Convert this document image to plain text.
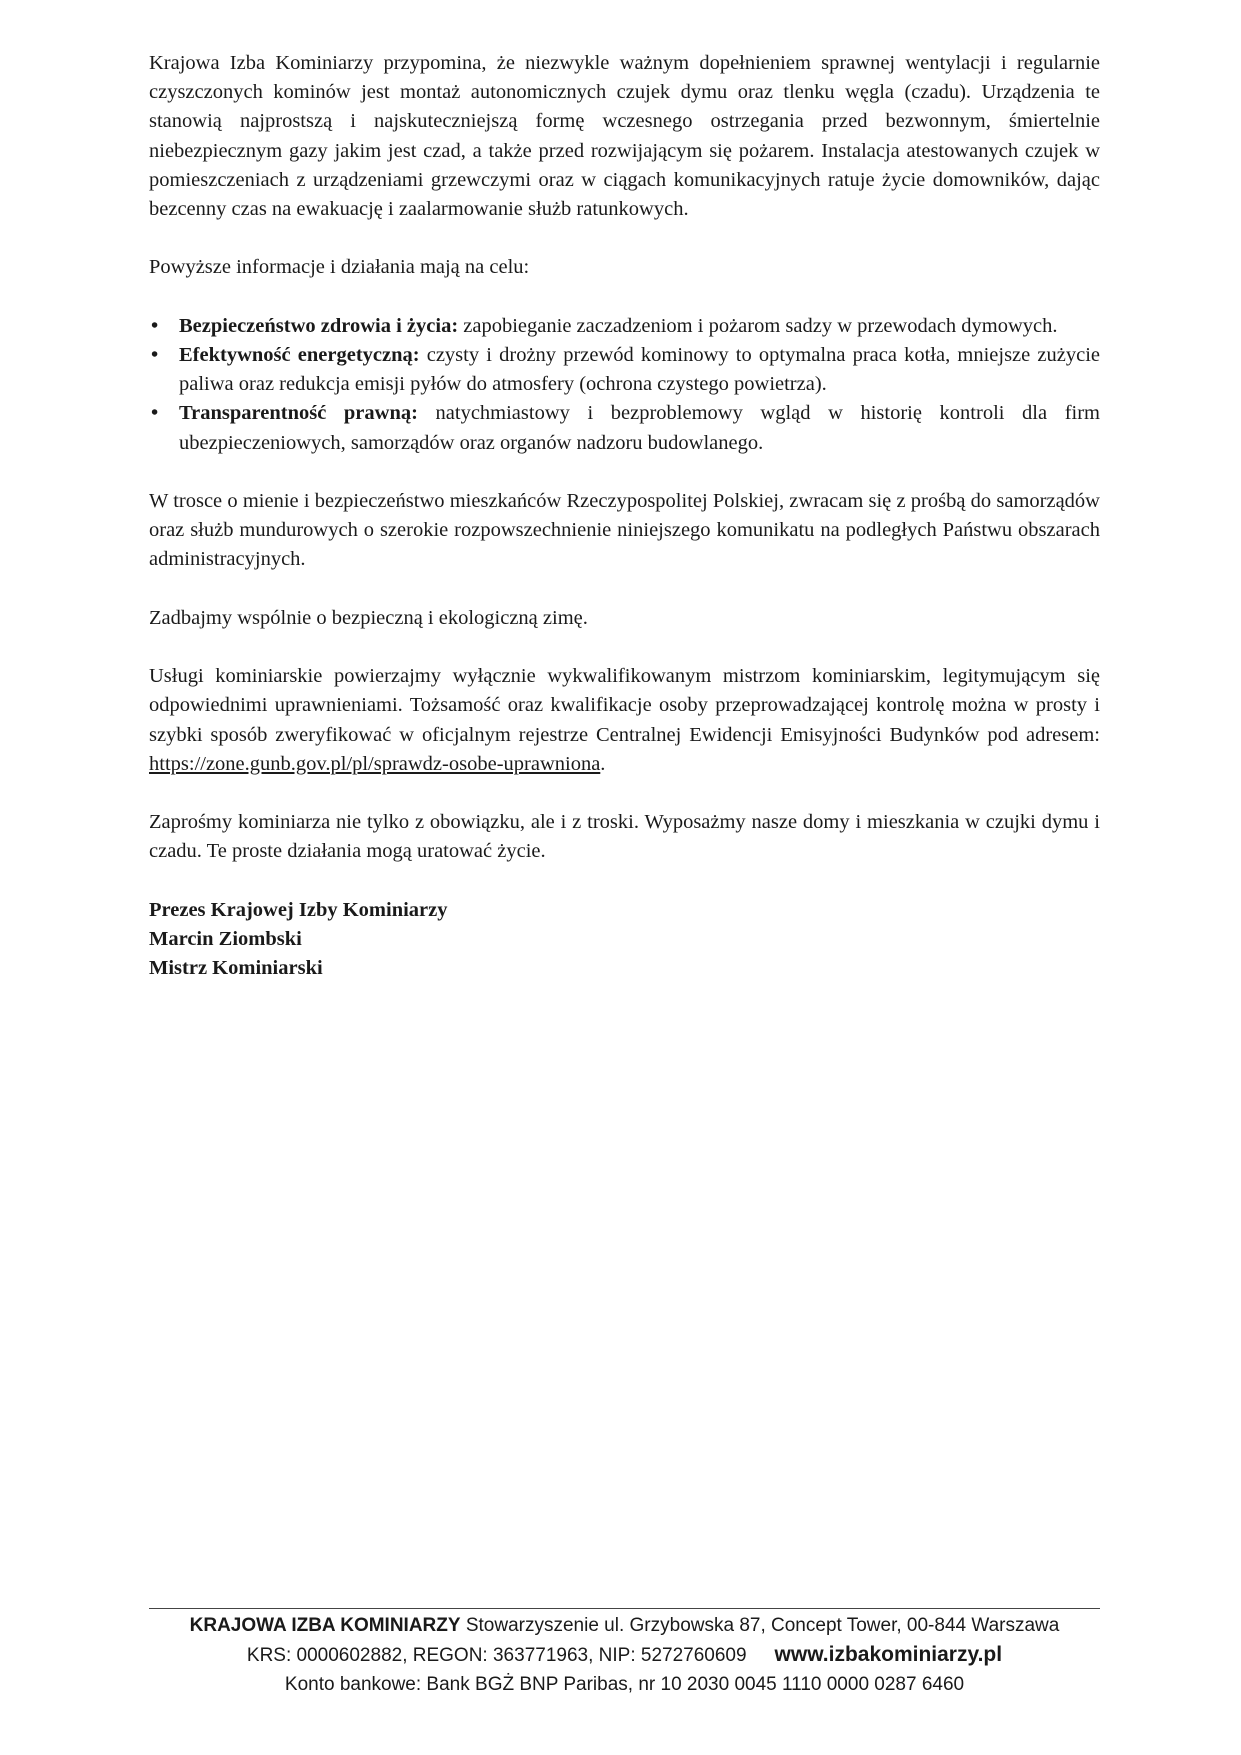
Krajowa Izba Kominiarzy przypomina, że niezwykle ważnym dopełnieniem sprawnej wentylacji i regularnie czyszczonych kominów jest montaż autonomicznych czujek dymu oraz tlenku węgla (czadu). Urządzenia te stanowią najprostszą i najskuteczniejszą formę wczesnego ostrzegania przed bezwonnym, śmiertelnie niebezpiecznym gazy jakim jest czad, a także przed rozwijającym się pożarem. Instalacja atestowanych czujek w pomieszczeniach z urządzeniami grzewczymi oraz w ciągach komunikacyjnych ratuje życie domowników, dając bezcenny czas na ewakuację i zaalarmowanie służb ratunkowych.

Powyższe informacje i działania mają na celu:

• Bezpieczeństwo zdrowia i życia: zapobieganie zaczadzeniom i pożarom sadzy w przewodach dymowych.
• Efektywność energetyczną: czysty i drożny przewód kominowy to optymalna praca kotła, mniejsze zużycie paliwa oraz redukcja emisji pyłów do atmosfery (ochrona czystego powietrza).
• Transparentność prawną: natychmiastowy i bezproblemowy wgląd w historię kontroli dla firm ubezpieczeniowych, samorządów oraz organów nadzoru budowlanego.

W trosce o mienie i bezpieczeństwo mieszkańców Rzeczypospolitej Polskiej, zwracam się z prośbą do samorządów oraz służb mundurowych o szerokie rozpowszechnienie niniejszego komunikatu na podległych Państwu obszarach administracyjnych.

Zadbajmy wspólnie o bezpieczną i ekologiczną zimę.

Usługi kominiarskie powierzajmy wyłącznie wykwalifikowanym mistrzom kominiarskim, legitymującym się odpowiednimi uprawnieniami. Tożsamość oraz kwalifikacje osoby przeprowadzającej kontrolę można w prosty i szybki sposób zweryfikować w oficjalnym rejestrze Centralnej Ewidencji Emisyjności Budynków pod adresem: https://zone.gunb.gov.pl/pl/sprawdz-osobe-uprawniona.

Zaprośmy kominiarza nie tylko z obowiązku, ale i z troski. Wyposażmy nasze domy i mieszkania w czujki dymu i czadu. Te proste działania mogą uratować życie.

Prezes Krajowej Izby Kominiarzy
Marcin Ziombski
Mistrz Kominiarski
KRAJOWA IZBA KOMINIARZY Stowarzyszenie ul. Grzybowska 87, Concept Tower, 00-844 Warszawa
KRS: 0000602882, REGON: 363771963, NIP: 5272760609 www.izbakominiarzy.pl
Konto bankowe: Bank BGŻ BNP Paribas, nr 10 2030 0045 1110 0000 0287 6460
